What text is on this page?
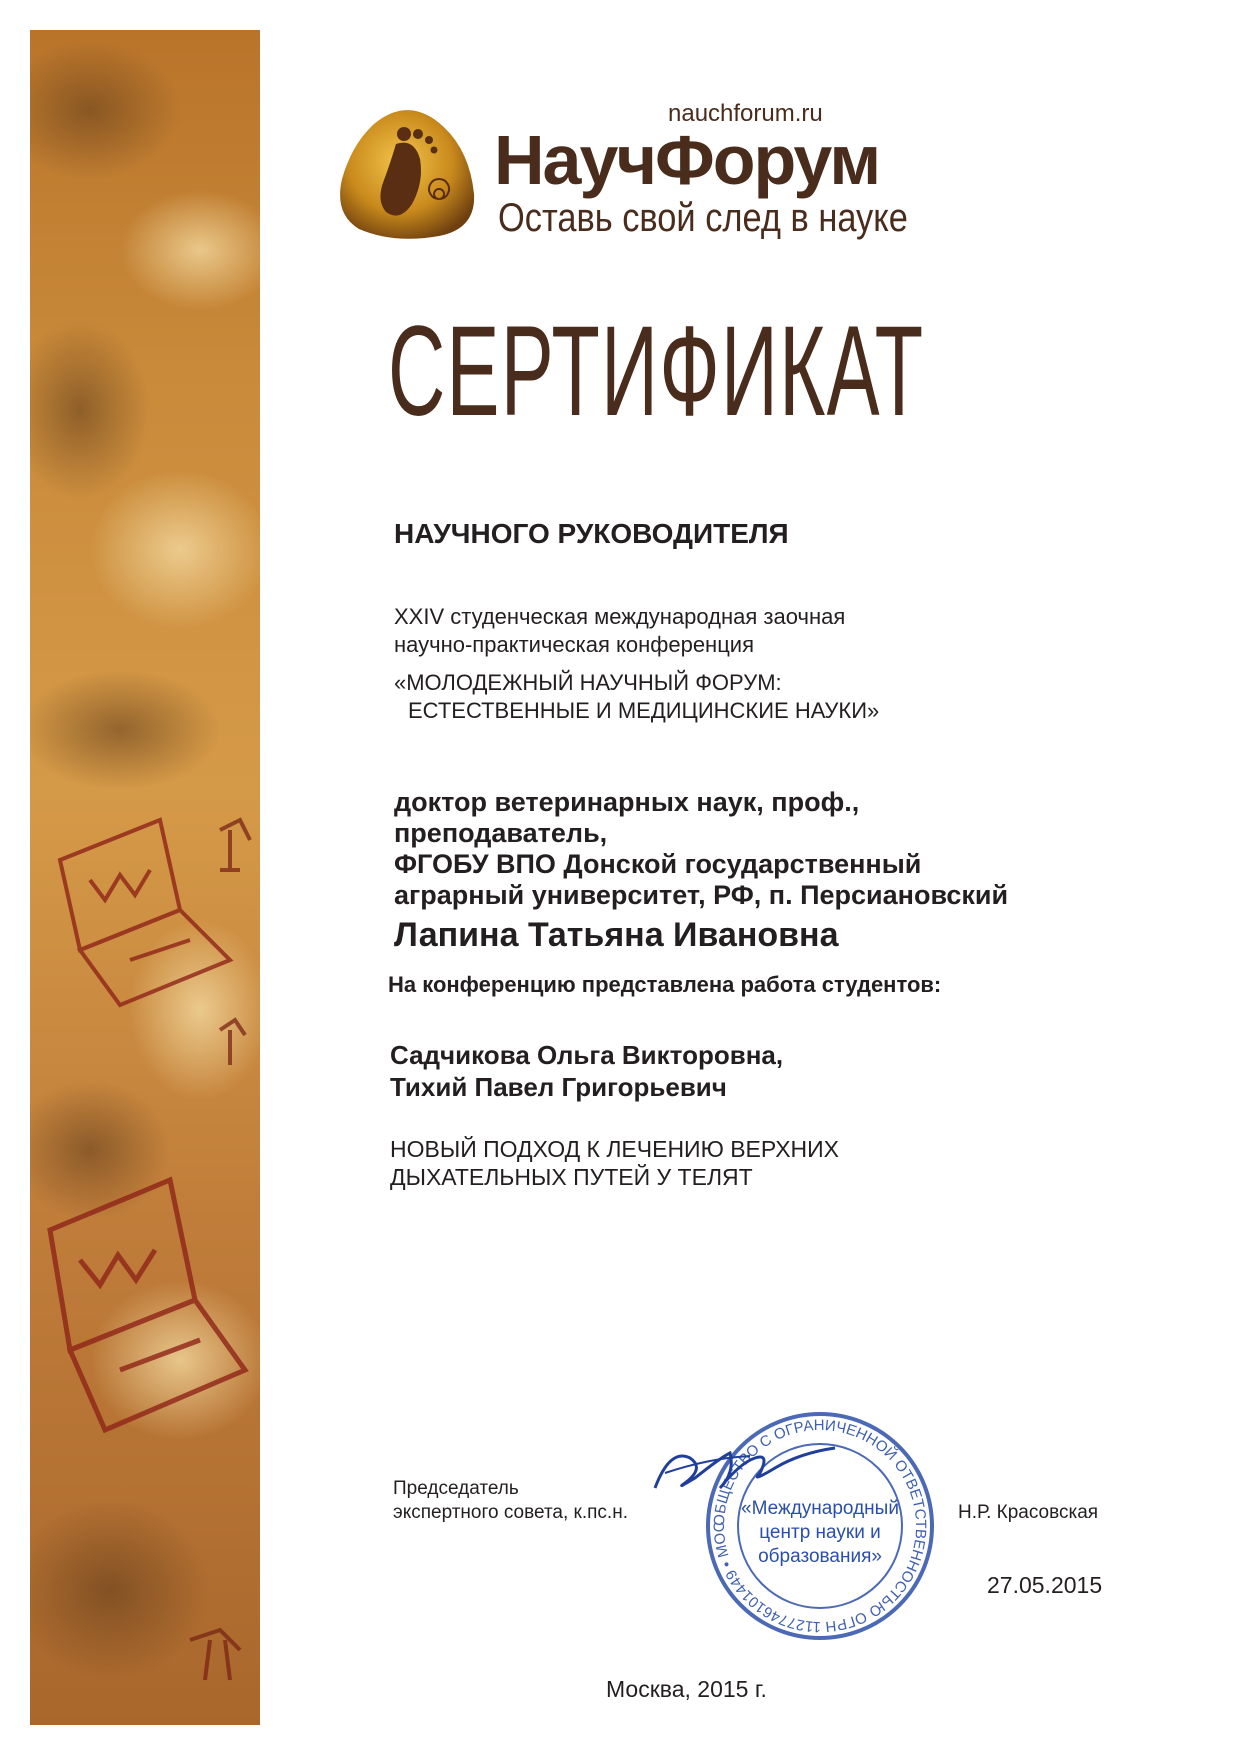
nauchforum.ru
НаучФорум
Оставь свой след в науке
СЕРТИФИКАТ
НАУЧНОГО РУКОВОДИТЕЛЯ
XXIV студенческая международная заочная
научно-практическая конференция
«МОЛОДЕЖНЫЙ НАУЧНЫЙ ФОРУМ:
ЕСТЕСТВЕННЫЕ И МЕДИЦИНСКИЕ НАУКИ»
доктор ветеринарных наук, проф.,
преподаватель,
ФГОБУ ВПО Донской государственный
аграрный университет, РФ, п. Персиановский
Лапина Татьяна Ивановна
На конференцию представлена работа студентов:
Садчикова Ольга Викторовна,
Тихий Павел Григорьевич
НОВЫЙ ПОДХОД К ЛЕЧЕНИЮ ВЕРХНИХ
ДЫХАТЕЛЬНЫХ ПУТЕЙ У ТЕЛЯТ
Председатель
экспертного совета, к.пс.н.	ОБЩЕСТВО С ОГРАНИЧЕННОЙ ОТВЕТСТВЕННОСТЬЮ ОГРН 1127746101449 • МОС
«Международный
центр науки и
образования»
Н.Р. Красовская
27.05.2015
Москва, 2015 г.
